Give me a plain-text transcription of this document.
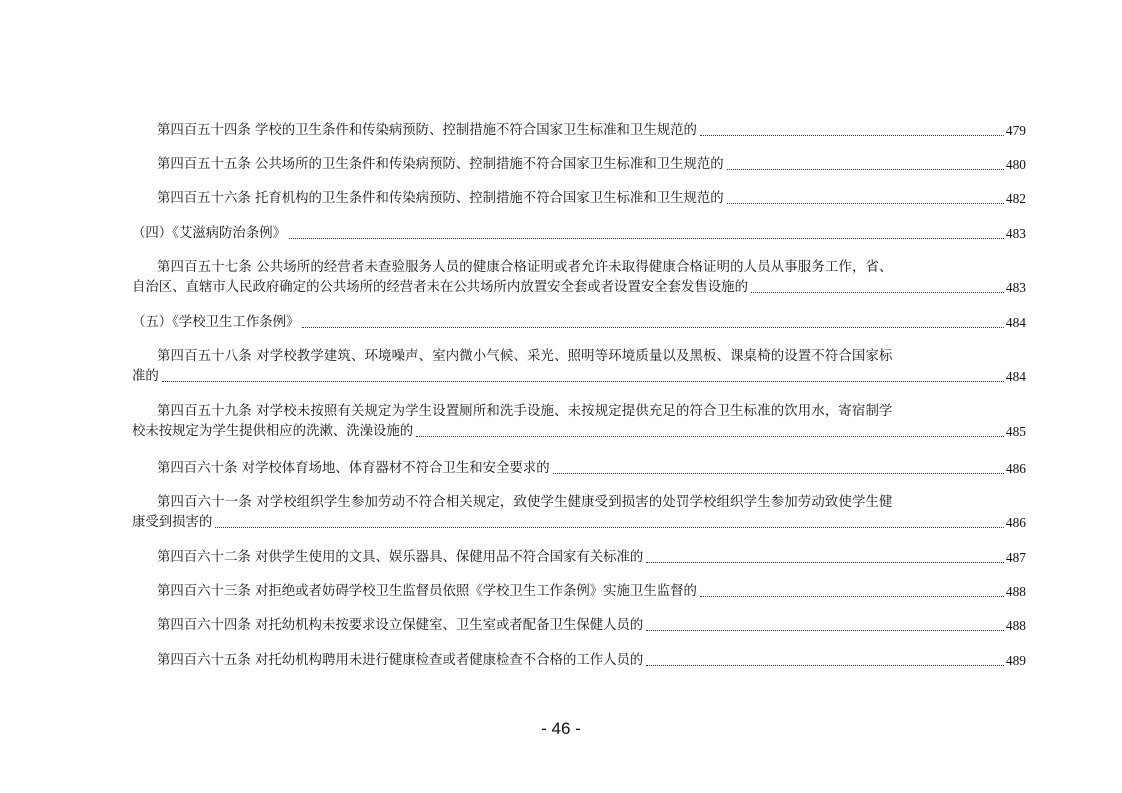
第四百五十四条 学校的卫生条件和传染病预防、控制措施不符合国家卫生标准和卫生规范的	479
第四百五十五条 公共场所的卫生条件和传染病预防、控制措施不符合国家卫生标准和卫生规范的	480
第四百五十六条 托育机构的卫生条件和传染病预防、控制措施不符合国家卫生标准和卫生规范的	482
（四）《艾滋病防治条例》	483
第四百五十七条 公共场所的经营者未查验服务人员的健康合格证明或者允许未取得健康合格证明的人员从事服务工作，省、
自治区、直辖市人民政府确定的公共场所的经营者未在公共场所内放置安全套或者设置安全套发售设施的	483
（五）《学校卫生工作条例》	484
第四百五十八条 对学校教学建筑、环境噪声、室内微小气候、采光、照明等环境质量以及黑板、课桌椅的设置不符合国家标
准的	484
第四百五十九条 对学校未按照有关规定为学生设置厕所和洗手设施、未按规定提供充足的符合卫生标准的饮用水，寄宿制学
校未按规定为学生提供相应的洗漱、洗澡设施的	485
第四百六十条 对学校体育场地、体育器材不符合卫生和安全要求的	486
第四百六十一条 对学校组织学生参加劳动不符合相关规定，致使学生健康受到损害的处罚学校组织学生参加劳动致使学生健
康受到损害的	486
第四百六十二条 对供学生使用的文具、娱乐器具、保健用品不符合国家有关标准的	487
第四百六十三条 对拒绝或者妨碍学校卫生监督员依照《学校卫生工作条例》实施卫生监督的	488
第四百六十四条 对托幼机构未按要求设立保健室、卫生室或者配备卫生保健人员的	488
第四百六十五条 对托幼机构聘用未进行健康检查或者健康检查不合格的工作人员的	489
- 46 -
